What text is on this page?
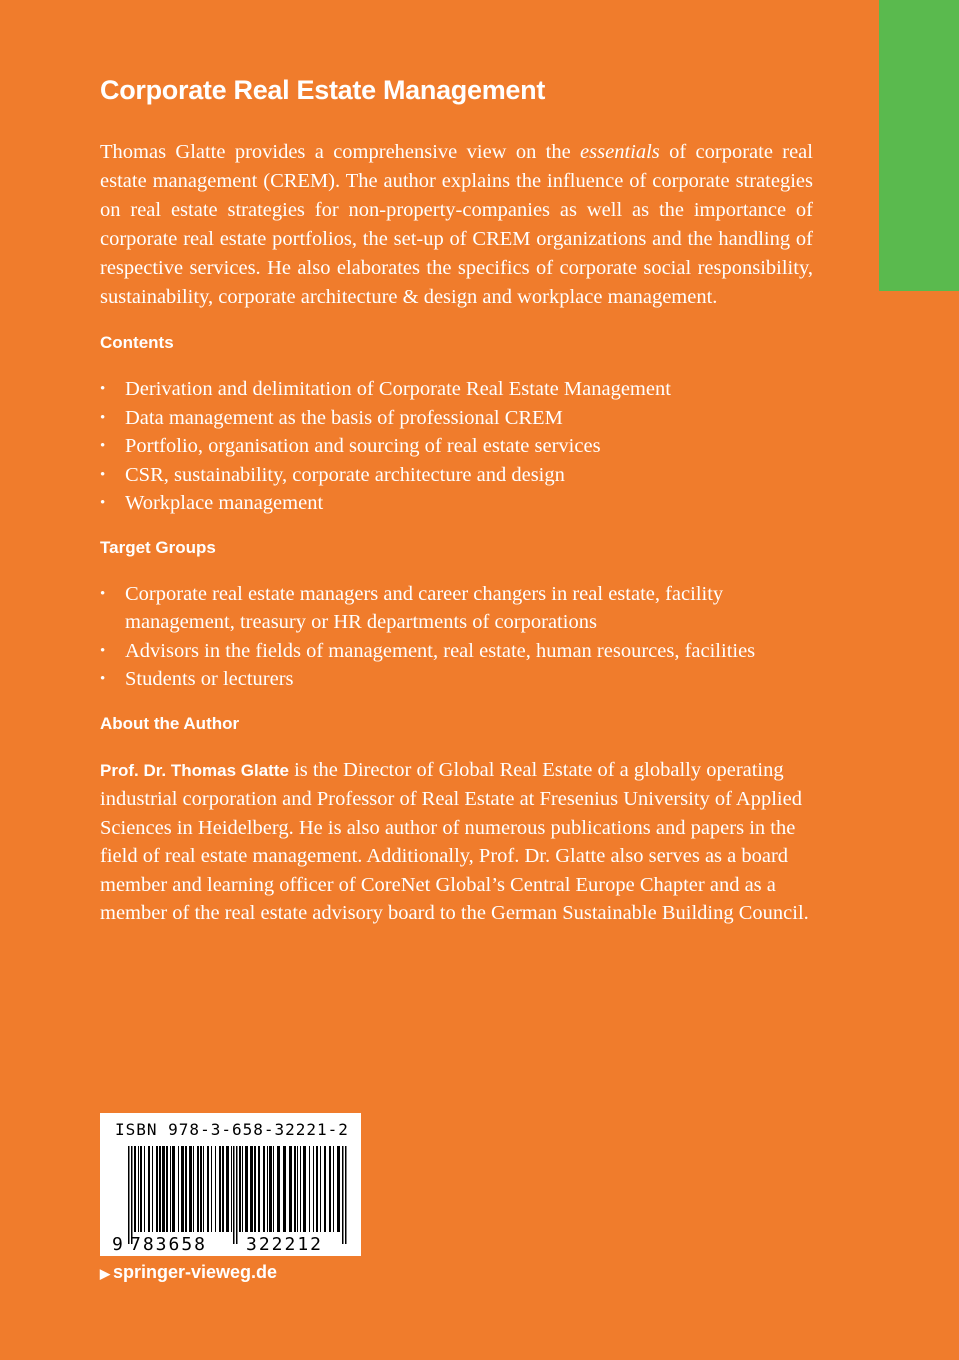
Corporate Real Estate Management

Thomas Glatte provides a comprehensive view on the essentials of corporate real estate management (CREM). The author explains the influence of corporate strategies on real estate strategies for non-property-companies as well as the importance of corporate real estate portfolios, the set-up of CREM organizations and the handling of respective services. He also elaborates the specifics of corporate social responsibility, sustainability, corporate architecture & design and workplace management.

Contents
• Derivation and delimitation of Corporate Real Estate Management
• Data management as the basis of professional CREM
• Portfolio, organisation and sourcing of real estate services
• CSR, sustainability, corporate architecture and design
• Workplace management
Target Groups
• Corporate real estate managers and career changers in real estate, facility management, treasury or HR departments of corporations
• Advisors in the fields of management, real estate, human resources, facilities
• Students or lecturers
About the Author

Prof. Dr. Thomas Glatte is the Director of Global Real Estate of a globally operating industrial corporation and Professor of Real Estate at Fresenius University of Applied Sciences in Heidelberg. He is also author of numerous publications and papers in the field of real estate management. Additionally, Prof. Dr. Glatte also serves as a board member and learning officer of CoreNet Global’s Central Europe Chapter and as a member of the real estate advisory board to the German Sustainable Building Council.

9 783658 322212
ISBN 978-3-658-32221-2
▶ springer-vieweg.de
